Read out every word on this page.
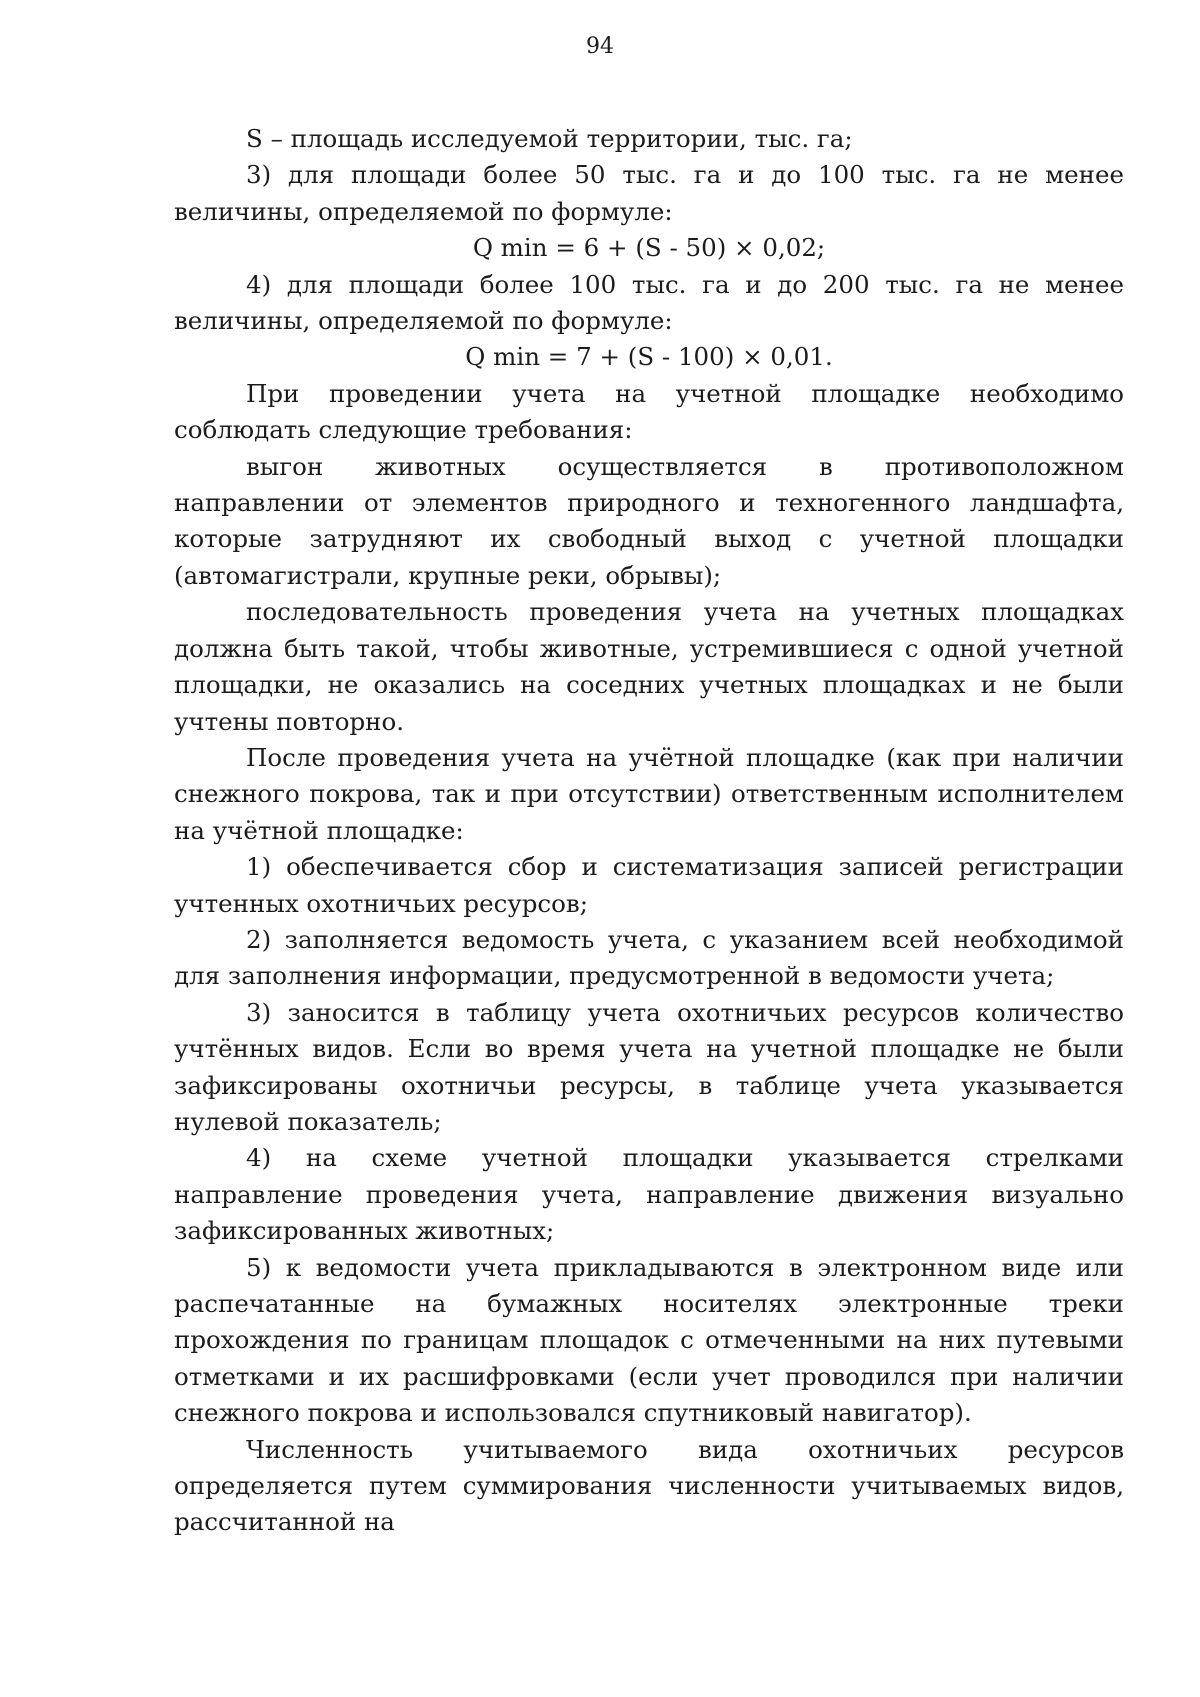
94

S – площадь исследуемой территории, тыс. га;

3) для площади более 50 тыс. га и до 100 тыс. га не менее величины, определяемой по формуле:

Q min = 6 + (S - 50) × 0,02;

4) для площади более 100 тыс. га и до 200 тыс. га не менее величины, определяемой по формуле:

Q min = 7 + (S - 100) × 0,01.

При проведении учета на учетной площадке необходимо соблюдать следующие требования:

выгон животных осуществляется в противоположном направлении от элементов природного и техногенного ландшафта, которые затрудняют их свободный выход с учетной площадки (автомагистрали, крупные реки, обрывы);

последовательность проведения учета на учетных площадках должна быть такой, чтобы животные, устремившиеся с одной учетной площадки, не оказались на соседних учетных площадках и не были учтены повторно.

После проведения учета на учётной площадке (как при наличии снежного покрова, так и при отсутствии) ответственным исполнителем на учётной площадке:

1) обеспечивается сбор и систематизация записей регистрации учтенных охотничьих ресурсов;

2) заполняется ведомость учета, с указанием всей необходимой для заполнения информации, предусмотренной в ведомости учета;

3) заносится в таблицу учета охотничьих ресурсов количество учтённых видов. Если во время учета на учетной площадке не были зафиксированы охотничьи ресурсы, в таблице учета указывается нулевой показатель;

4) на схеме учетной площадки указывается стрелками направление проведения учета, направление движения визуально зафиксированных животных;

5) к ведомости учета прикладываются в электронном виде или распечатанные на бумажных носителях электронные треки прохождения по границам площадок с отмеченными на них путевыми отметками и их расшифровками (если учет проводился при наличии снежного покрова и использовался спутниковый навигатор).

Численность учитываемого вида охотничьих ресурсов определяется путем суммирования численности учитываемых видов, рассчитанной на
